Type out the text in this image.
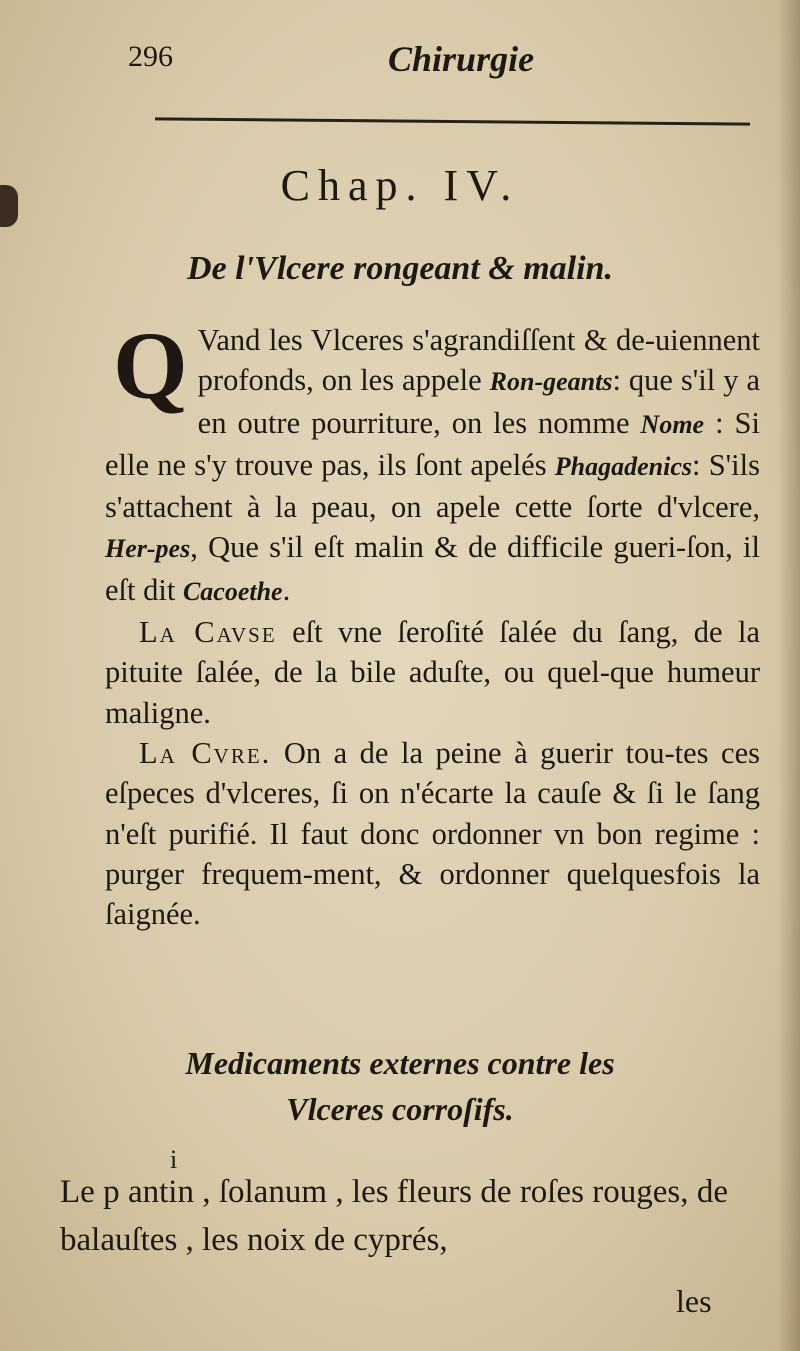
296	Chirurgie
Chap. IV.
De l'Vlcere rongeant & malin.

Q Vand les Vlceres s'agrandiſſent & de-uiennent profonds, on les appele Ron-geants: que s'il y a en outre pourriture, on les nomme Nome : Si elle ne s'y trouve pas, ils ſont apelés Phagadenics: S'ils s'attachent à la peau, on apele cette ſorte d'vlcere, Her-pes, Que s'il eſt malin & de difficile gueri-ſon, il eſt dit Cacoethe.

La Cavse eſt vne ſeroſité ſalée du ſang, de la pituite ſalée, de la bile aduſte, ou quel-que humeur maligne.

La Cvre. On a de la peine à guerir tou-tes ces eſpeces d'vlceres, ſi on n'écarte la cauſe & ſi le ſang n'eſt purifié. Il faut donc ordonner vn bon regime : purger frequem-ment, & ordonner quelquesfois la ſaignée.

Medicaments externes contre les
Vlceres corroſifs.
i

Le p antin , ſolanum , les fleurs de roſes rouges, de balauſtes , les noix de cyprés,

les
